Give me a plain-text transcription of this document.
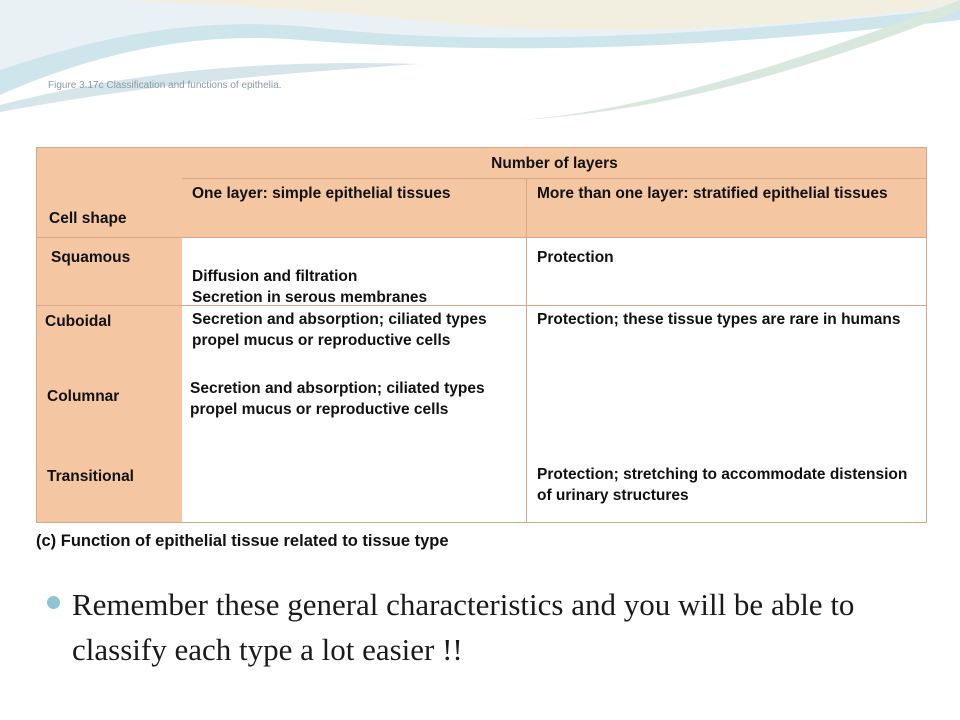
Figure 3.17c Classification and functions of epithelia.
Cell shape
Number of layers
One layer: simple epithelial tissues	More than one layer: stratified epithelial tissues
Squamous

Diffusion and filtration
Secretion in serous membranes

Protection
Cuboidal
Columnar
Secretion and absorption; ciliated types propel mucus or reproductive cells
Secretion and absorption; ciliated types propel mucus or reproductive cells
Protection; these tissue types are rare in humans
Transitional	Protection; stretching to accommodate distension of urinary structures
(c) Function of epithelial tissue related to tissue type
Remember these general characteristics and you will be able to classify each type a lot easier !!
